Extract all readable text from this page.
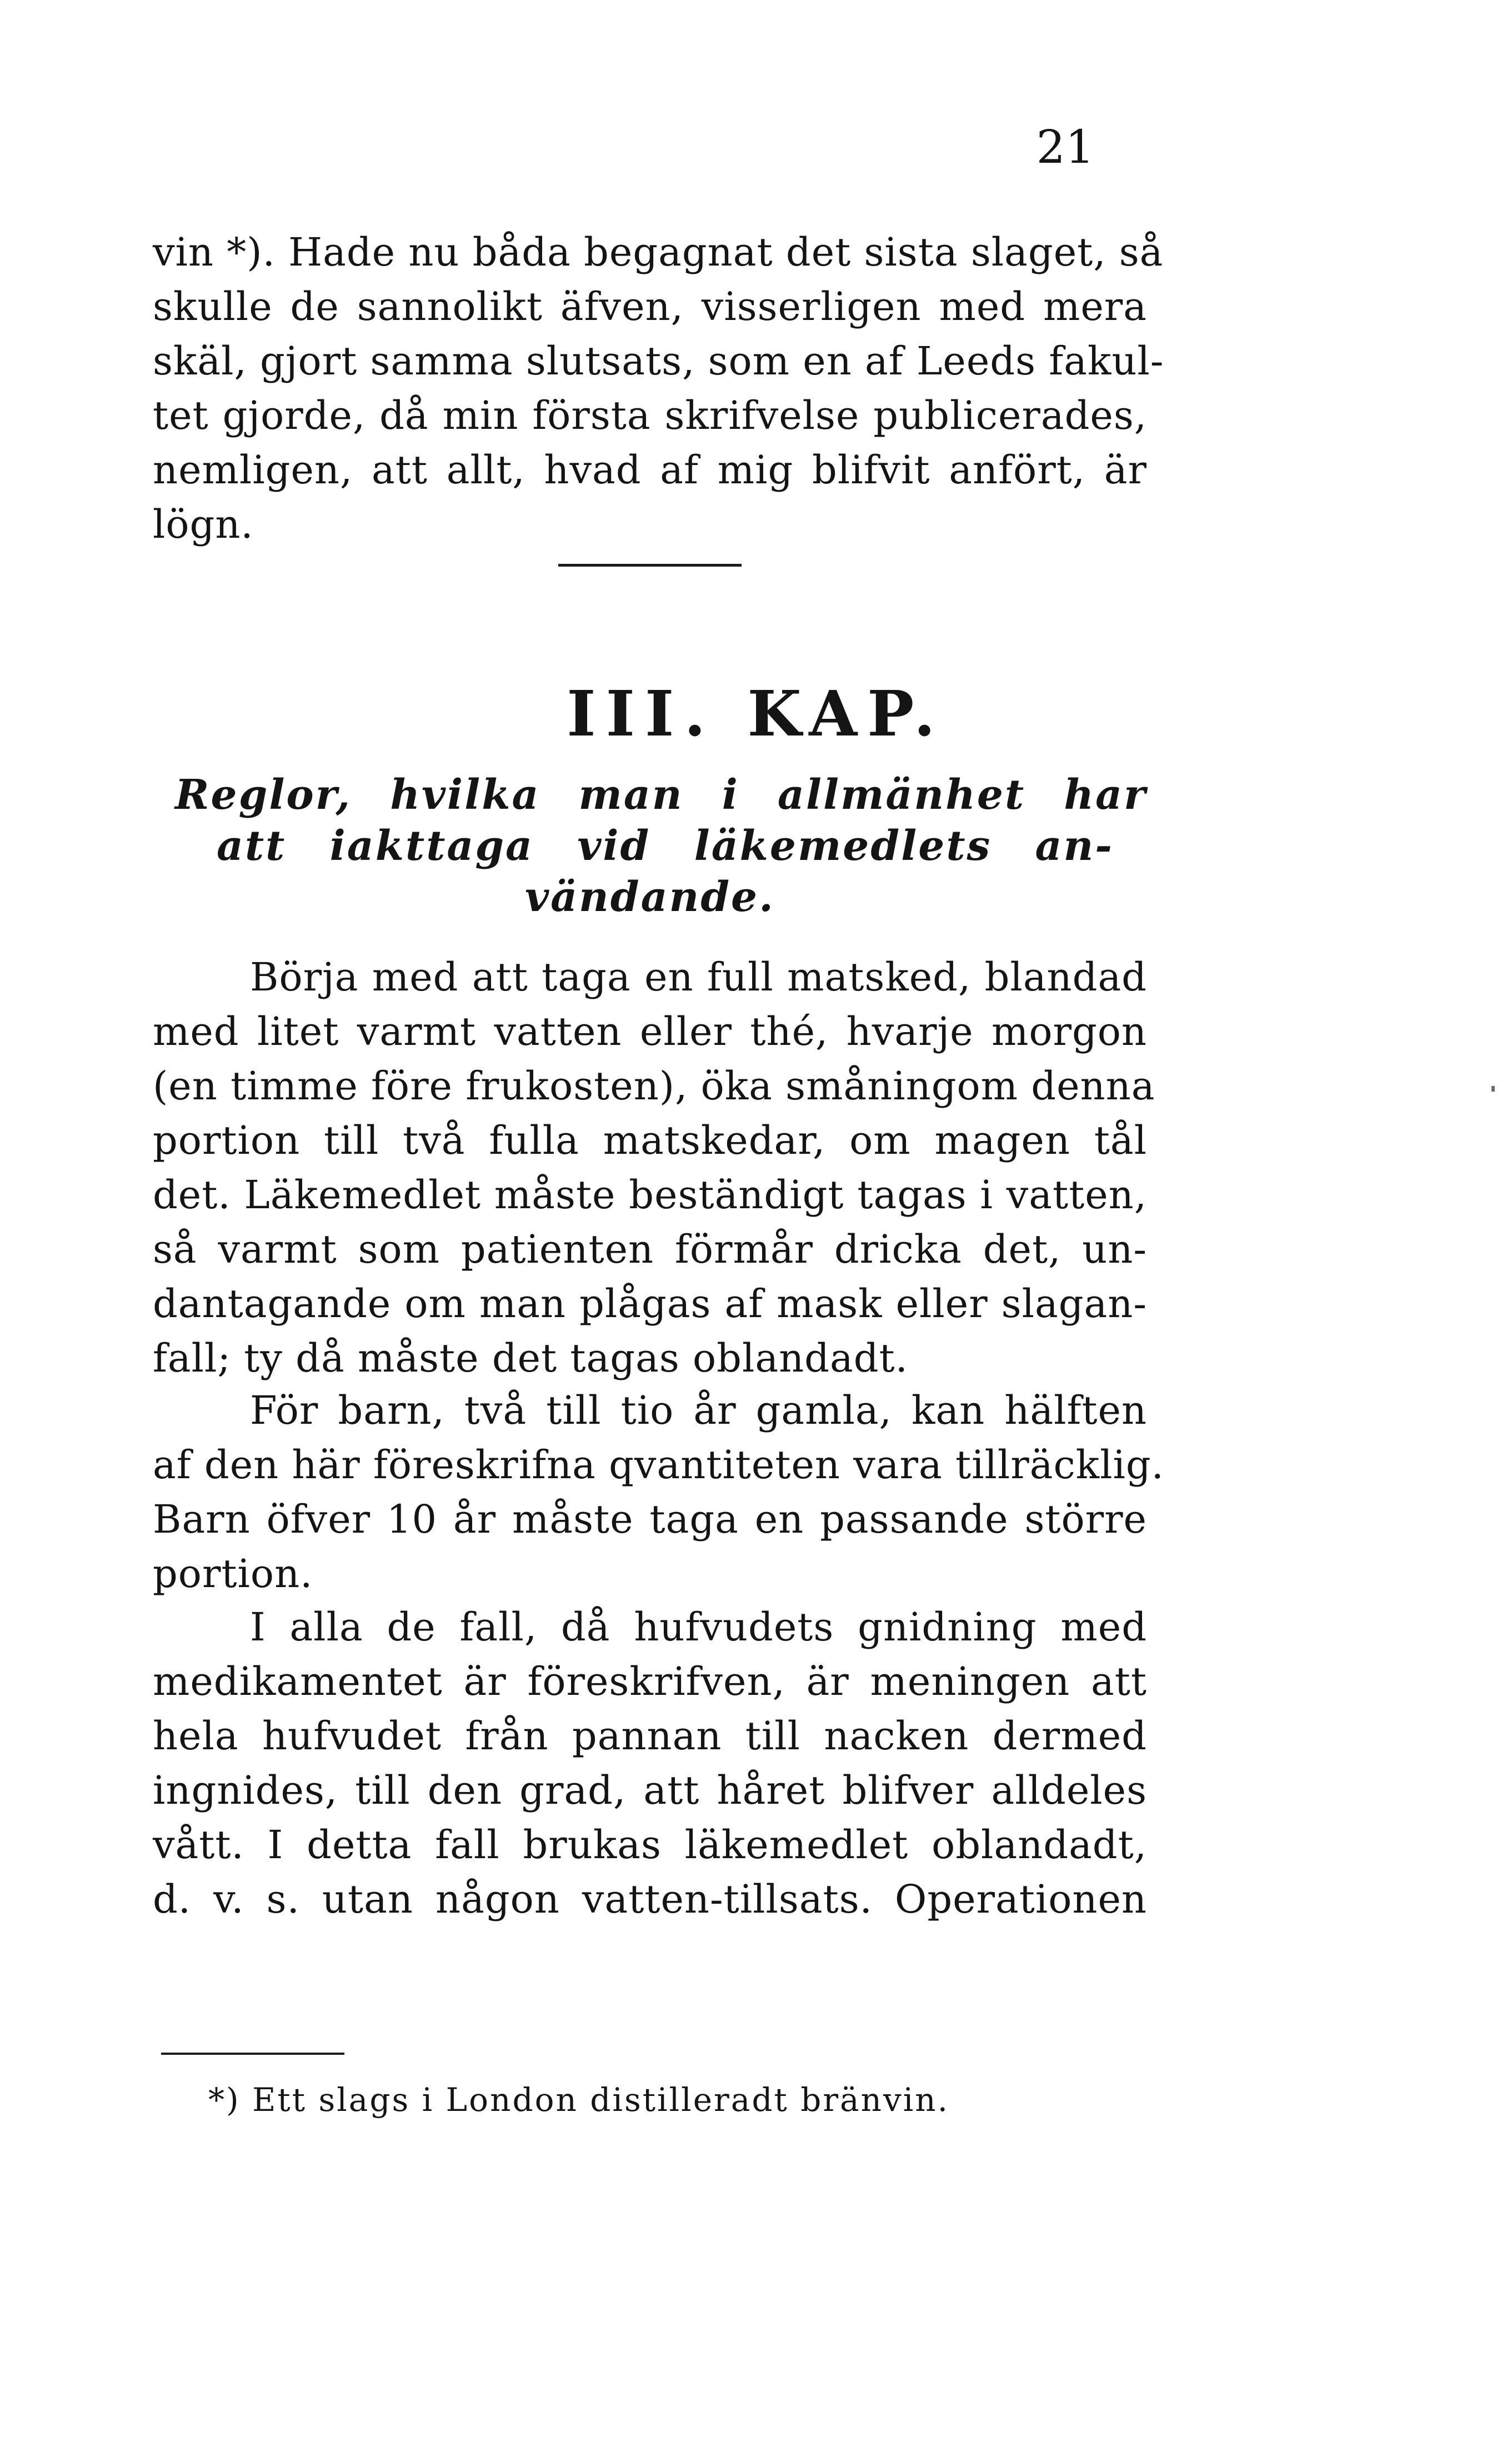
21
vin *). Hade nu båda begagnat det sista slaget, så
skulle de sannolikt äfven, visserligen med mera
skäl, gjort samma slutsats, som en af Leeds fakul-
tet gjorde, då min första skrifvelse publicerades,
nemligen, att allt, hvad af mig blifvit anfört, är
lögn.
III. KAP.
Reglor, hvilka man i allmänhet har
att iakttaga vid läkemedlets an-
vändande.
Börja med att taga en full matsked, blandad
med litet varmt vatten eller thé, hvarje morgon
(en timme före frukosten), öka småningom denna
portion till två fulla matskedar, om magen tål
det. Läkemedlet måste beständigt tagas i vatten,
så varmt som patienten förmår dricka det, un-
dantagande om man plågas af mask eller slagan-
fall; ty då måste det tagas oblandadt.
För barn, två till tio år gamla, kan hälften
af den här föreskrifna qvantiteten vara tillräcklig.
Barn öfver 10 år måste taga en passande större
portion.
I alla de fall, då hufvudets gnidning med
medikamentet är föreskrifven, är meningen att
hela hufvudet från pannan till nacken dermed
ingnides, till den grad, att håret blifver alldeles
vått. I detta fall brukas läkemedlet oblandadt,
d. v. s. utan någon vatten-tillsats. Operationen
*) Ett slags i London distilleradt bränvin.
